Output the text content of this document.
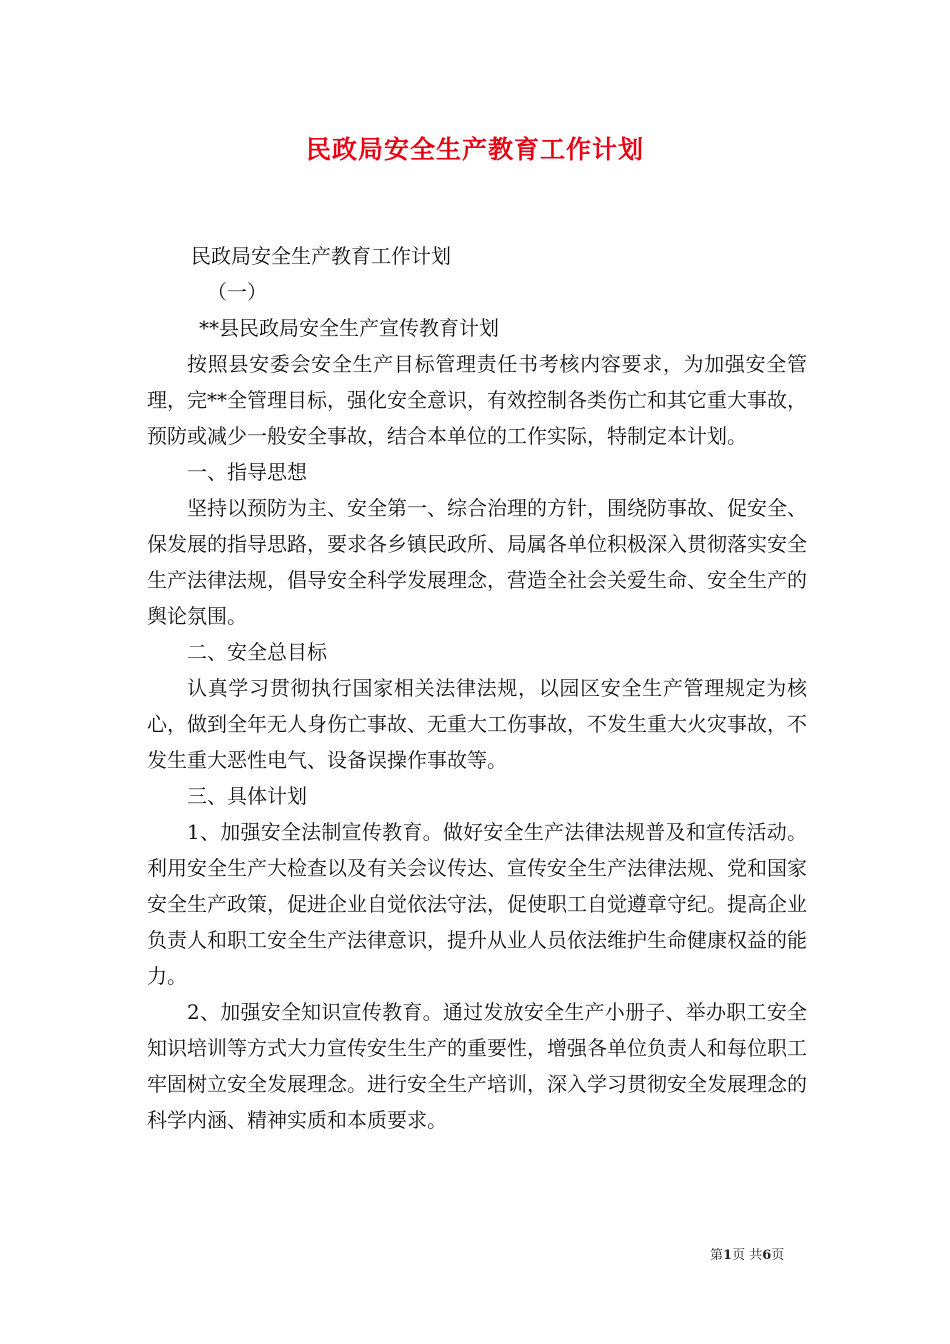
民政局安全生产教育工作计划

民政局安全生产教育工作计划

（一）

**县民政局安全生产宣传教育计划

按照县安委会安全生产目标管理责任书考核内容要求，为加强安全管理，完**全管理目标，强化安全意识，有效控制各类伤亡和其它重大事故，预防或减少一般安全事故，结合本单位的工作实际，特制定本计划。

一、指导思想

坚持以预防为主、安全第一、综合治理的方针，围绕防事故、促安全、保发展的指导思路，要求各乡镇民政所、局属各单位积极深入贯彻落实安全生产法律法规，倡导安全科学发展理念，营造全社会关爱生命、安全生产的舆论氛围。

二、安全总目标

认真学习贯彻执行国家相关法律法规，以园区安全生产管理规定为核心，做到全年无人身伤亡事故、无重大工伤事故，不发生重大火灾事故，不发生重大恶性电气、设备误操作事故等。

三、具体计划

1、加强安全法制宣传教育。做好安全生产法律法规普及和宣传活动。利用安全生产大检查以及有关会议传达、宣传安全生产法律法规、党和国家安全生产政策，促进企业自觉依法守法，促使职工自觉遵章守纪。提高企业负责人和职工安全生产法律意识，提升从业人员依法维护生命健康权益的能力。

2、加强安全知识宣传教育。通过发放安全生产小册子、举办职工安全知识培训等方式大力宣传安生生产的重要性，增强各单位负责人和每位职工牢固树立安全发展理念。进行安全生产培训，深入学习贯彻安全发展理念的科学内涵、精神实质和本质要求。

第1页 共6页
